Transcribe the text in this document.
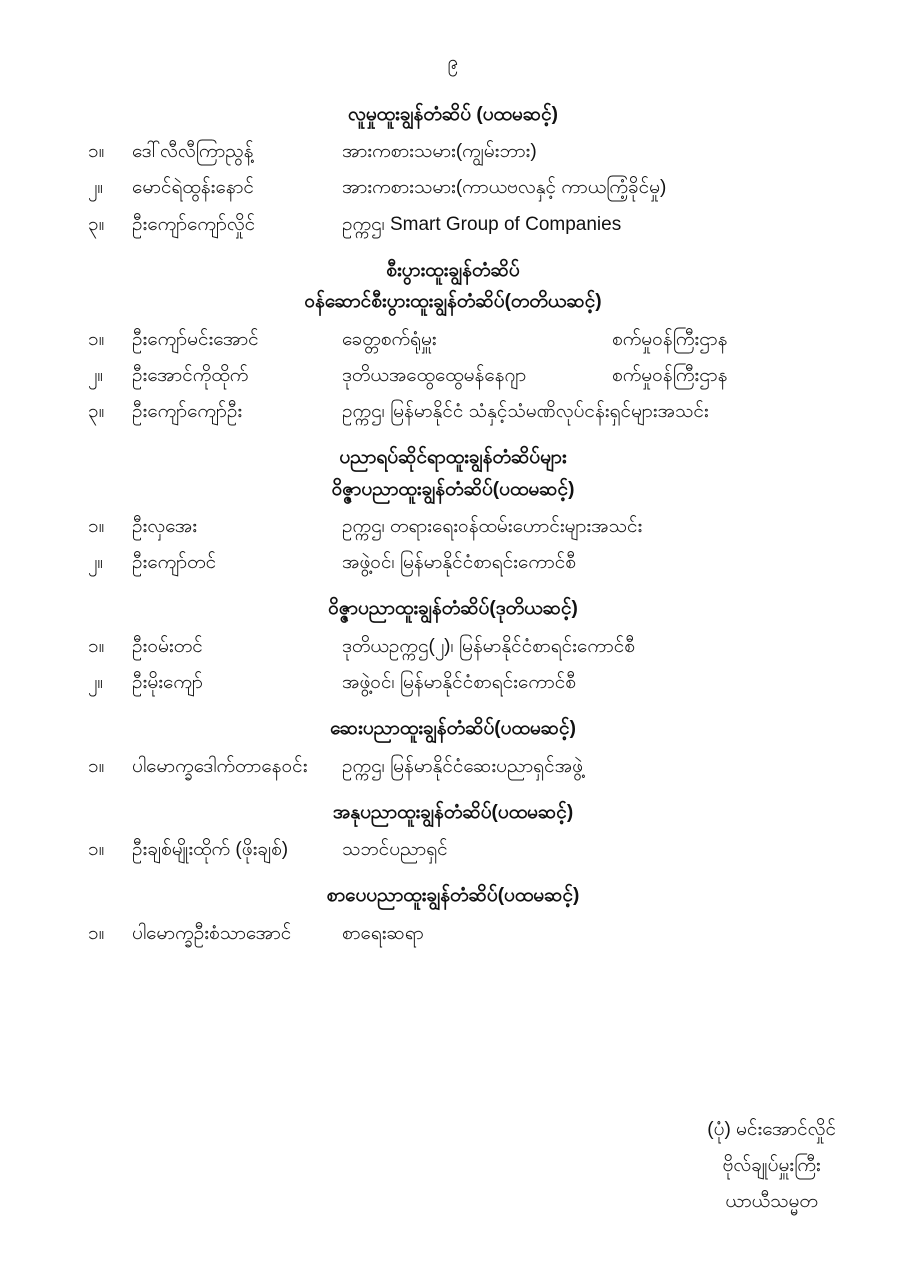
၉
လူမှုထူးချွန်တံဆိပ် (ပထမဆင့်)
၁။	ဒေါ်လီလီကြာညွန့်	အားကစားသမား(ကျွမ်းဘား)
၂။	မောင်ရဲထွန်းနောင်	အားကစားသမား(ကာယဗလနှင့် ကာယကြံ့ခိုင်မှု)
၃။	ဦးကျော်ကျော်လှိုင်	ဥက္ကဌ၊ Smart Group of Companies
စီးပွားထူးချွန်တံဆိပ်
ဝန်ဆောင်စီးပွားထူးချွန်တံဆိပ်(တတိယဆင့်)
၁။	ဦးကျော်မင်းအောင်	ခေတ္တစက်ရုံမှူး	စက်မှုဝန်ကြီးဌာန
၂။	ဦးအောင်ကိုထိုက်	ဒုတိယအထွေထွေမန်နေဂျာ	စက်မှုဝန်ကြီးဌာန
၃။	ဦးကျော်ကျော်ဦး	ဥက္ကဌ၊ မြန်မာနိုင်ငံ သံနှင့်သံမဏိလုပ်ငန်းရှင်များအသင်း
ပညာရပ်ဆိုင်ရာထူးချွန်တံဆိပ်များ
ဝိဇ္ဇာပညာထူးချွန်တံဆိပ်(ပထမဆင့်)
၁။	ဦးလှအေး	ဥက္ကဌ၊ တရားရေးဝန်ထမ်းဟောင်းများအသင်း
၂။	ဦးကျော်တင်	အဖွဲ့ဝင်၊ မြန်မာနိုင်ငံစာရင်းကောင်စီ
ဝိဇ္ဇာပညာထူးချွန်တံဆိပ်(ဒုတိယဆင့်)
၁။	ဦးဝမ်းတင်	ဒုတိယဥက္ကဌ(၂)၊ မြန်မာနိုင်ငံစာရင်းကောင်စီ
၂။	ဦးမိုးကျော်	အဖွဲ့ဝင်၊ မြန်မာနိုင်ငံစာရင်းကောင်စီ
ဆေးပညာထူးချွန်တံဆိပ်(ပထမဆင့်)
၁။	ပါမောက္ခဒေါက်တာနေဝင်း	ဥက္ကဌ၊ မြန်မာနိုင်ငံဆေးပညာရှင်အဖွဲ့
အနုပညာထူးချွန်တံဆိပ်(ပထမဆင့်)
၁။	ဦးချစ်မျိုးထိုက် (ဖိုးချစ်)	သဘင်ပညာရှင်
စာပေပညာထူးချွန်တံဆိပ်(ပထမဆင့်)
၁။	ပါမောက္ခဦးစံသာအောင်	စာရေးဆရာ
(ပုံ) မင်းအောင်လှိုင်
ဗိုလ်ချုပ်မှူးကြီး
ယာယီသမ္မတ
